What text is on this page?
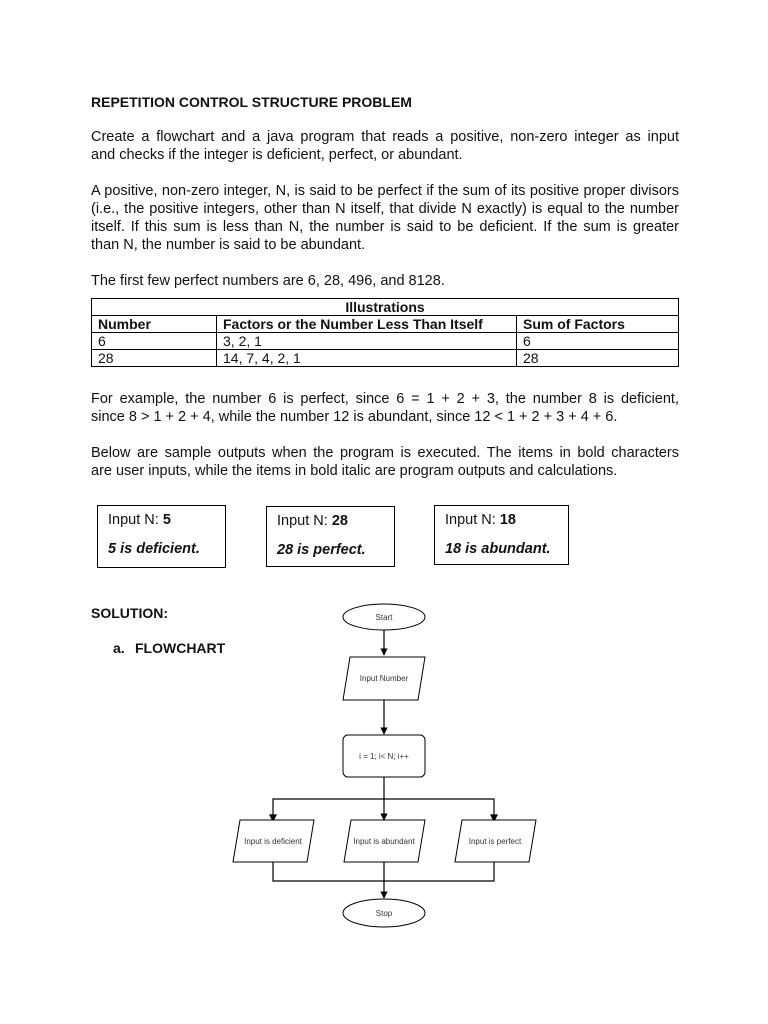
REPETITION CONTROL STRUCTURE PROBLEM
Create a flowchart and a java program that reads a positive, non-zero integer as input
and checks if the integer is deficient, perfect, or abundant.
A positive, non-zero integer, N, is said to be perfect if the sum of its positive proper divisors
(i.e., the positive integers, other than N itself, that divide N exactly) is equal to the number
itself. If this sum is less than N, the number is said to be deficient. If the sum is greater
than N, the number is said to be abundant.
The first few perfect numbers are 6, 28, 496, and 8128.
Illustrations		
Number	Factors or the Number Less Than Itself	Sum of Factors
6	3, 2, 1	6
28	14, 7, 4, 2, 1	28
For example, the number 6 is perfect, since 6 = 1 + 2 + 3, the number 8 is deficient,
since 8 > 1 + 2 + 4, while the number 12 is abundant, since 12 < 1 + 2 + 3 + 4 + 6.
Below are sample outputs when the program is executed. The items in bold characters
are user inputs, while the items in bold italic are program outputs and calculations.
Input N: 5
5 is deficient.
Input N: 28
28 is perfect.
Input N: 18
18 is abundant.
SOLUTION:
a. FLOWCHART
Start
Input Number
i = 1; i< N; i++
Input is deficient	Input is abundant	Input is perfect
Stop
